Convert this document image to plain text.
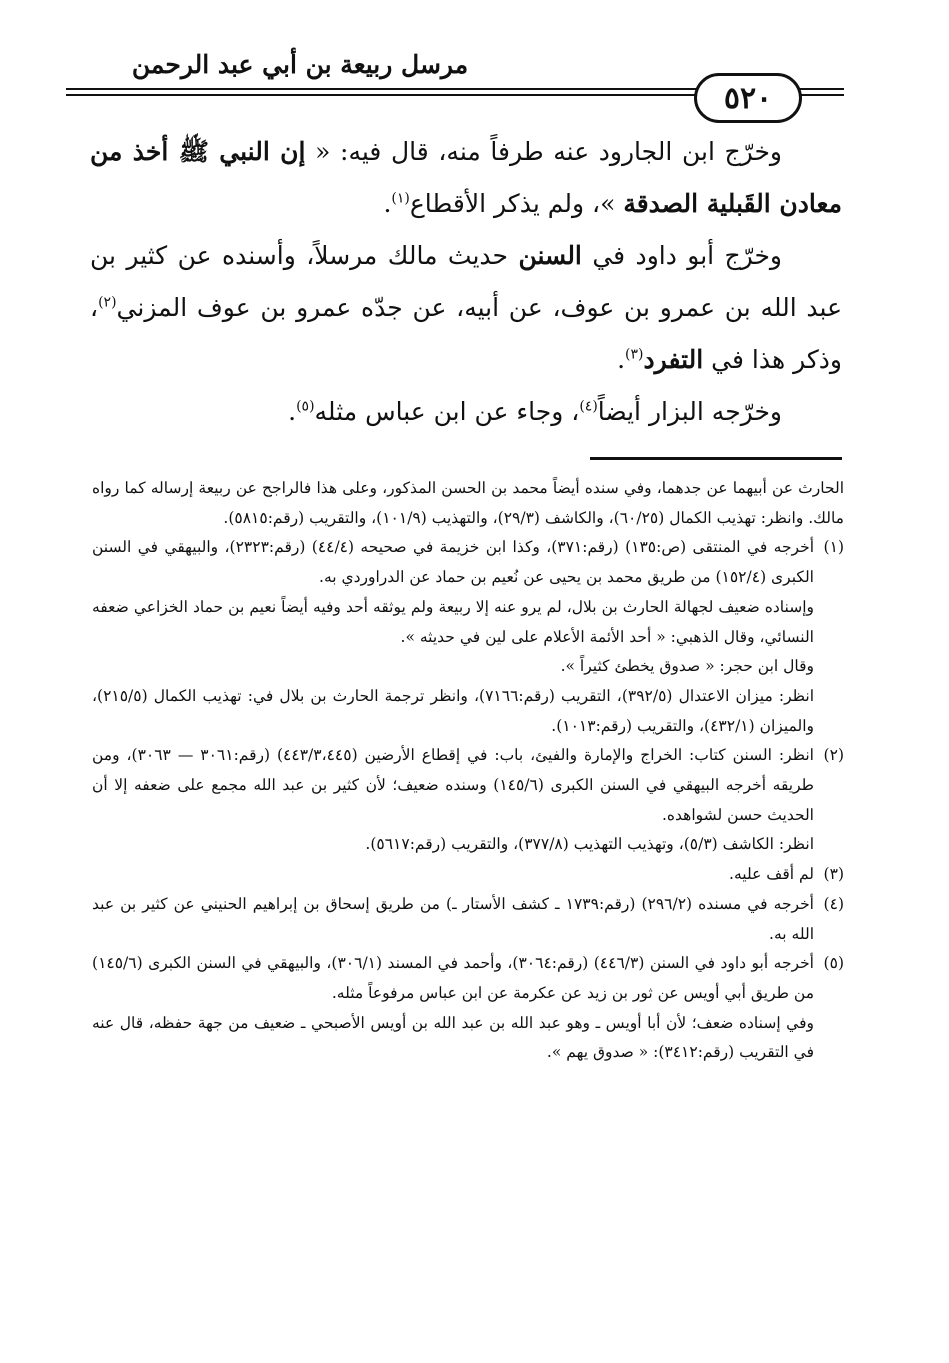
مرسل ربيعة بن أبي عبد الرحمن
٥٢٠

وخرّج ابن الجارود عنه طرفاً منه، قال فيه: « إن النبي ﷺ أخذ من معادن القَبلية الصدقة »، ولم يذكر الأقطاع$^{(١)}$.

وخرّج أبو داود في السنن حديث مالك مرسلاً، وأسنده عن كثير بن عبد الله بن عمرو بن عوف، عن أبيه، عن جدّه عمرو بن عوف المزني$^{(٢)}$، وذكر هذا في التفرد$^{(٣)}$.

وخرّجه البزار أيضاً$^{(٤)}$، وجاء عن ابن عباس مثله$^{(٥)}$.

الحارث عن أبيهما عن جدهما، وفي سنده أيضاً محمد بن الحسن المذكور، وعلى هذا فالراجح عن ربيعة إرساله كما رواه مالك. وانظر: تهذيب الكمال (٦٠/٢٥)، والكاشف (٢٩/٣)، والتهذيب (١٠١/٩)، والتقريب (رقم:٥٨١٥).

(١)

أخرجه في المنتقى (ص:١٣٥) (رقم:٣٧١)، وكذا ابن خزيمة في صحيحه (٤٤/٤) (رقم:٢٣٢٣)، والبيهقي في السنن الكبرى (١٥٢/٤) من طريق محمد بن يحيى عن نُعيم بن حماد عن الدراوردي به.

وإسناده ضعيف لجهالة الحارث بن بلال، لم يرو عنه إلا ربيعة ولم يوثقه أحد وفيه أيضاً نعيم بن حماد الخزاعي ضعفه النسائي، وقال الذهبي: « أحد الأئمة الأعلام على لين في حديثه ».

وقال ابن حجر: « صدوق يخطئ كثيراً ».

انظر: ميزان الاعتدال (٣٩٢/٥)، التقريب (رقم:٧١٦٦)، وانظر ترجمة الحارث بن بلال في: تهذيب الكمال (٢١٥/٥)، والميزان (٤٣٢/١)، والتقريب (رقم:١٠١٣).

(٢)

انظر: السنن كتاب: الخراج والإمارة والفيئ، باب: في إقطاع الأرضين (٤٤٣/٣،٤٤٥) (رقم:٣٠٦١ — ٣٠٦٣)، ومن طريقه أخرجه البيهقي في السنن الكبرى (١٤٥/٦) وسنده ضعيف؛ لأن كثير بن عبد الله مجمع على ضعفه إلا أن الحديث حسن لشواهده.

انظر: الكاشف (٥/٣)، وتهذيب التهذيب (٣٧٧/٨)، والتقريب (رقم:٥٦١٧).

(٣)

لم أقف عليه.

(٤)

أخرجه في مسنده (٢٩٦/٢) (رقم:١٧٣٩ ـ كشف الأستار ـ) من طريق إسحاق بن إبراهيم الحنيني عن كثير بن عبد الله به.

(٥)

أخرجه أبو داود في السنن (٤٤٦/٣) (رقم:٣٠٦٤)، وأحمد في المسند (٣٠٦/١)، والبيهقي في السنن الكبرى (١٤٥/٦) من طريق أبي أويس عن ثور بن زيد عن عكرمة عن ابن عباس مرفوعاً مثله.

وفي إسناده ضعف؛ لأن أبا أويس ـ وهو عبد الله بن عبد الله بن أويس الأصبحي ـ ضعيف من جهة حفظه، قال عنه في التقريب (رقم:٣٤١٢): « صدوق يهم ».
